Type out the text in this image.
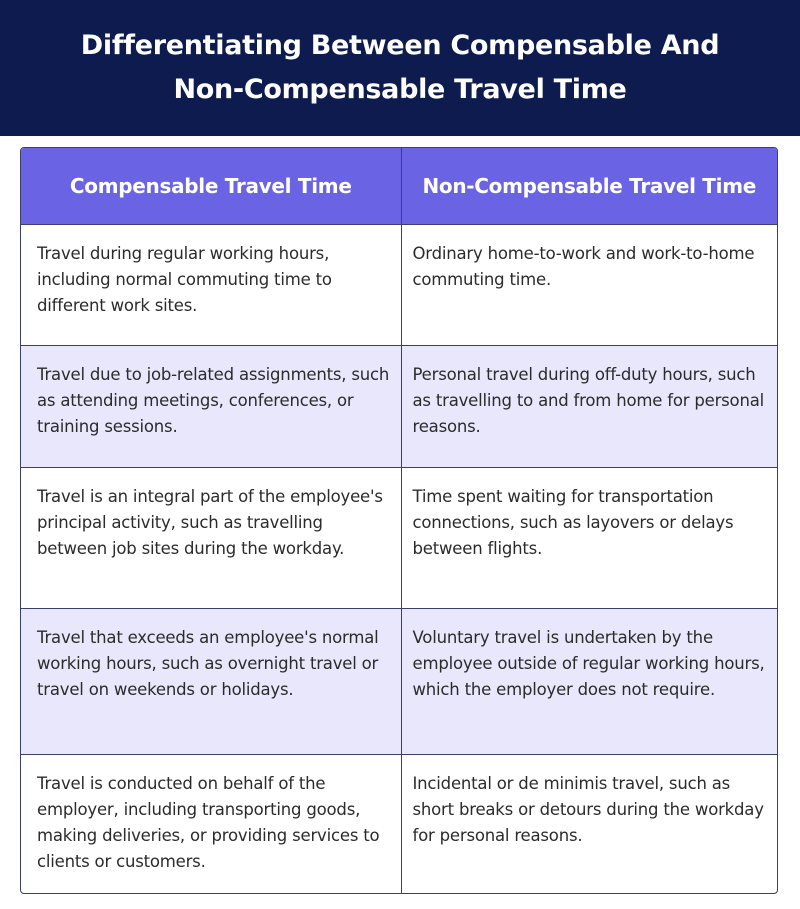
Differentiating Between Compensable And
Non-Compensable Travel Time
Compensable Travel Time	Non-Compensable Travel Time
Travel during regular working hours, including normal commuting time to different work sites.	Ordinary home-to-work and work-to-home commuting time.
Travel due to job-related assignments, such as attending meetings, conferences, or training sessions.	Personal travel during off-duty hours, such as travelling to and from home for personal reasons.
Travel is an integral part of the employee's principal activity, such as travelling between job sites during the workday.	Time spent waiting for transportation connections, such as layovers or delays between flights.
Travel that exceeds an employee's normal working hours, such as overnight travel or travel on weekends or holidays.	Voluntary travel is undertaken by the employee outside of regular working hours, which the employer does not require.
Travel is conducted on behalf of the employer, including transporting goods, making deliveries, or providing services to clients or customers.	Incidental or de minimis travel, such as short breaks or detours during the workday for personal reasons.
